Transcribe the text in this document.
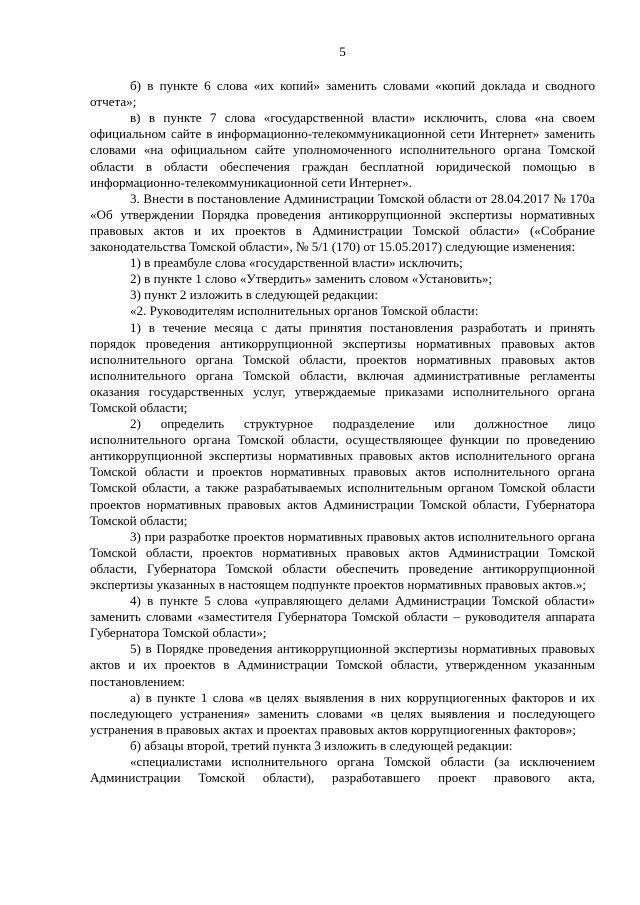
5

б) в пункте 6 слова «их копий» заменить словами «копий доклада и сводного отчета»;

в) в пункте 7 слова «государственной власти» исключить, слова «на своем официальном сайте в информационно-телекоммуникационной сети Интернет» заменить словами «на официальном сайте уполномоченного исполнительного органа Томской области в области обеспечения граждан бесплатной юридической помощью в информационно-телекоммуникационной сети Интернет».

3. Внести в постановление Администрации Томской области от 28.04.2017 № 170а «Об утверждении Порядка проведения антикоррупционной экспертизы нормативных правовых актов и их проектов в Администрации Томской области» («Собрание законодательства Томской области», № 5/1 (170) от 15.05.2017) следующие изменения:

1) в преамбуле слова «государственной власти» исключить;

2) в пункте 1 слово «Утвердить» заменить словом «Установить»;

3) пункт 2 изложить в следующей редакции:

«2. Руководителям исполнительных органов Томской области:

1) в течение месяца с даты принятия постановления разработать и принять порядок проведения антикоррупционной экспертизы нормативных правовых актов исполнительного органа Томской области, проектов нормативных правовых актов исполнительного органа Томской области, включая административные регламенты оказания государственных услуг, утверждаемые приказами исполнительного органа Томской области;

2) определить структурное подразделение или должностное лицо исполнительного органа Томской области, осуществляющее функции по проведению антикоррупционной экспертизы нормативных правовых актов исполнительного органа Томской области и проектов нормативных правовых актов исполнительного органа Томской области, а также разрабатываемых исполнительным органом Томской области проектов нормативных правовых актов Администрации Томской области, Губернатора Томской области;

3) при разработке проектов нормативных правовых актов исполнительного органа Томской области, проектов нормативных правовых актов Администрации Томской области, Губернатора Томской области обеспечить проведение антикоррупционной экспертизы указанных в настоящем подпункте проектов нормативных правовых актов.»;

4) в пункте 5 слова «управляющего делами Администрации Томской области» заменить словами «заместителя Губернатора Томской области – руководителя аппарата Губернатора Томской области»;

5) в Порядке проведения антикоррупционной экспертизы нормативных правовых актов и их проектов в Администрации Томской области, утвержденном указанным постановлением:

а) в пункте 1 слова «в целях выявления в них коррупциогенных факторов и их последующего устранения» заменить словами «в целях выявления и последующего устранения в правовых актах и проектах правовых актов коррупциогенных факторов»;

б) абзацы второй, третий пункта 3 изложить в следующей редакции:

«специалистами исполнительного органа Томской области (за исключением Администрации Томской области), разработавшего проект правового акта,
